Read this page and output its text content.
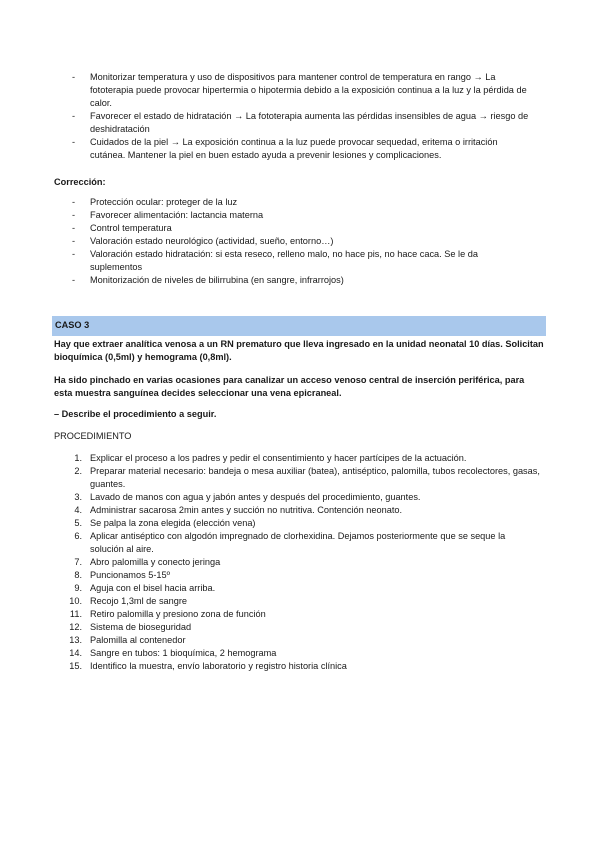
- Monitorizar temperatura y uso de dispositivos para mantener control de temperatura en rango → La fototerapia puede provocar hipertermia o hipotermia debido a la exposición continua a la luz y la pérdida de calor.
- Favorecer el estado de hidratación → La fototerapia aumenta las pérdidas insensibles de agua → riesgo de deshidratación
- Cuidados de la piel → La exposición continua a la luz puede provocar sequedad, eritema o irritación cutánea. Mantener la piel en buen estado ayuda a prevenir lesiones y complicaciones.
Corrección:
- Protección ocular: proteger de la luz
- Favorecer alimentación: lactancia materna
- Control temperatura
- Valoración estado neurológico (actividad, sueño, entorno…)
- Valoración estado hidratación: si esta reseco, relleno malo, no hace pis, no hace caca. Se le da suplementos
- Monitorización de niveles de bilirrubina (en sangre, infrarrojos)
CASO 3
Hay que extraer analítica venosa a un RN prematuro que lleva ingresado en la unidad neonatal 10 días. Solicitan bioquímica (0,5ml) y hemograma (0,8ml).
Ha sido pinchado en varias ocasiones para canalizar un acceso venoso central de inserción periférica, para esta muestra sanguínea decides seleccionar una vena epicraneal.
– Describe el procedimiento a seguir.
PROCEDIMIENTO
1. Explicar el proceso a los padres y pedir el consentimiento y hacer partícipes de la actuación.
2. Preparar material necesario: bandeja o mesa auxiliar (batea), antiséptico, palomilla, tubos recolectores, gasas, guantes.
3. Lavado de manos con agua y jabón antes y después del procedimiento, guantes.
4. Administrar sacarosa 2min antes y succión no nutritiva. Contención neonato.
5. Se palpa la zona elegida (elección vena)
6. Aplicar antiséptico con algodón impregnado de clorhexidina. Dejamos posteriormente que se seque la solución al aire.
7. Abro palomilla y conecto jeringa
8. Puncionamos 5-15º
9. Aguja con el bisel hacia arriba.
10. Recojo 1,3ml de sangre
11. Retiro palomilla y presiono zona de función
12. Sistema de bioseguridad
13. Palomilla al contenedor
14. Sangre en tubos: 1 bioquímica, 2 hemograma
15. Identifico la muestra, envío laboratorio y registro historia clínica
